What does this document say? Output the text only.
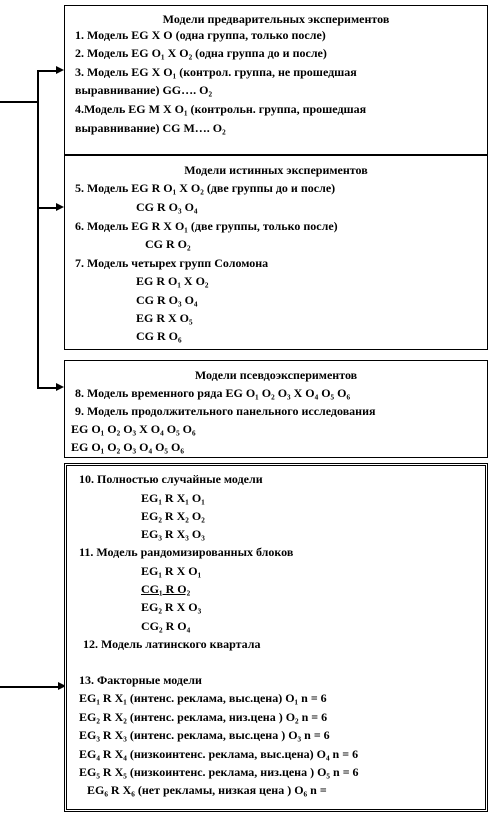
Модели предварительных экспериментов
1. Модель EG X O (одна группа, только после)
2. Модель EG O₁ X O₂ (одна группа до и после)
3. Модель EG X O₁ (контрол. группа, не прошедшая
выравнивание) GG…. O₂
4.Модель EG M X O₁ (контрольн. группа, прошедшая
выравнивание) CG M…. O₂
Модели истинных экспериментов
5. Модель EG R O₁ X O₂ (две группы до и после)
CG R O₃ O₄
6. Модель EG R X O₁ (две группы, только после)
CG R O₂
7. Модель четырех групп Соломона
EG R O₁ X O₂
CG R O₃ O₄
EG R X O₅
CG R O₆
Модели псевдоэкспериментов
8. Модель временного ряда EG O₁ O₂ O₃ X O₄ O₅ O₆
9. Модель продолжительного панельного исследования
EG O₁ O₂ O₃ X O₄ O₅ O₆
EG O₁ O₂ O₃ O₄ O₅ O₆
10. Полностью случайные модели
EG₁ R X₁ O₁
EG₂ R X₂ O₂
EG₃ R X₃ O₃
11. Модель рандомизированных блоков
EG₁ R X O₁
CG₁ R O₂
EG₂ R X O₃
CG₂ R O₄
12. Модель латинского квартала
13. Факторные модели
EG₁ R X₁ (интенс. реклама, выс.цена) O₁ n = 6
EG₂ R X₂ (интенс. реклама, низ.цена ) O₂ n = 6
EG₃ R X₃ (интенс. реклама, выс.цена ) O₃ n = 6
EG₄ R X₄ (низкоинтенс. реклама, выс.цена) O₄ n = 6
EG₅ R X₅ (низкоинтенс. реклама, низ.цена ) O₅ n = 6
EG₆ R X₆ (нет рекламы, низкая цена ) O₆ n =
